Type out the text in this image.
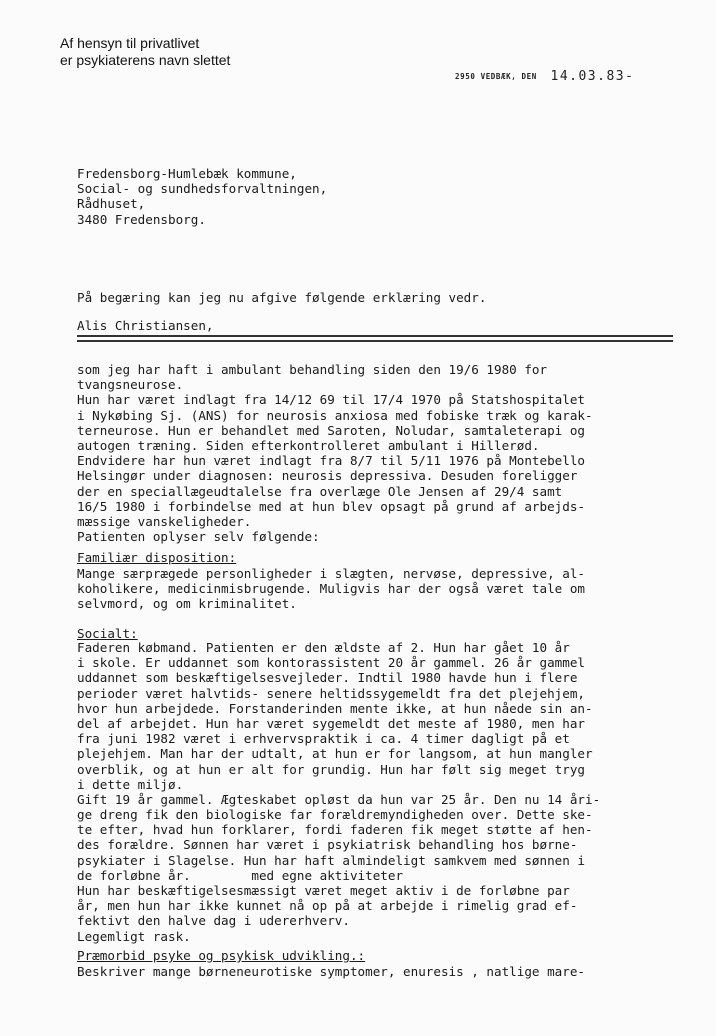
Af hensyn til privatlivet
er psykiaterens navn slettet
2950 VEDBÆK, DEN 14.03.83-
Fredensborg-Humlebæk kommune,
Social- og sundhedsforvaltningen,
Rådhuset,
3480 Fredensborg.
På begæring kan jeg nu afgive følgende erklæring vedr.
Alis Christiansen,
som jeg har haft i ambulant behandling siden den 19/6 1980 for
tvangsneurose.
Hun har været indlagt fra 14/12 69 til 17/4 1970 på Statshospitalet
i Nykøbing Sj. (ANS) for neurosis anxiosa med fobiske træk og karak-
terneurose. Hun er behandlet med Saroten, Noludar, samtaleterapi og
autogen træning. Siden efterkontrolleret ambulant i Hillerød.
Endvidere har hun været indlagt fra 8/7 til 5/11 1976 på Montebello
Helsingør under diagnosen: neurosis depressiva. Desuden foreligger
der en speciallægeudtalelse fra overlæge Ole Jensen af 29/4 samt
16/5 1980 i forbindelse med at hun blev opsagt på grund af arbejds-
mæssige vanskeligheder.
Patienten oplyser selv følgende:
Familiær disposition:
Mange særprægede personligheder i slægten, nervøse, depressive, al-
koholikere, medicinmisbrugende. Muligvis har der også været tale om
selvmord, og om kriminalitet.
Socialt:
Faderen købmand. Patienten er den ældste af 2. Hun har gået 10 år
i skole. Er uddannet som kontorassistent 20 år gammel. 26 år gammel
uddannet som beskæftigelsesvejleder. Indtil 1980 havde hun i flere
perioder været halvtids- senere heltidssygemeldt fra det plejehjem,
hvor hun arbejdede. Forstanderinden mente ikke, at hun nåede sin an-
del af arbejdet. Hun har været sygemeldt det meste af 1980, men har
fra juni 1982 været i erhvervspraktik i ca. 4 timer dagligt på et
plejehjem. Man har der udtalt, at hun er for langsom, at hun mangler
overblik, og at hun er alt for grundig. Hun har følt sig meget tryg
i dette miljø.
Gift 19 år gammel. Ægteskabet opløst da hun var 25 år. Den nu 14 åri-
ge dreng fik den biologiske far forældremyndigheden over. Dette ske-
te efter, hvad hun forklarer, fordi faderen fik meget støtte af hen-
des forældre. Sønnen har været i psykiatrisk behandling hos børne-
psykiater i Slagelse. Hun har haft almindeligt samkvem med sønnen i
de forløbne år.        med egne aktiviteter
Hun har beskæftigelsesmæssigt været meget aktiv i de forløbne par
år, men hun har ikke kunnet nå op på at arbejde i rimelig grad ef-
fektivt den halve dag i udererhverv.
Legemligt rask.
Præmorbid psyke og psykisk udvikling.:
Beskriver mange børneneurotiske symptomer, enuresis , natlige mare-
